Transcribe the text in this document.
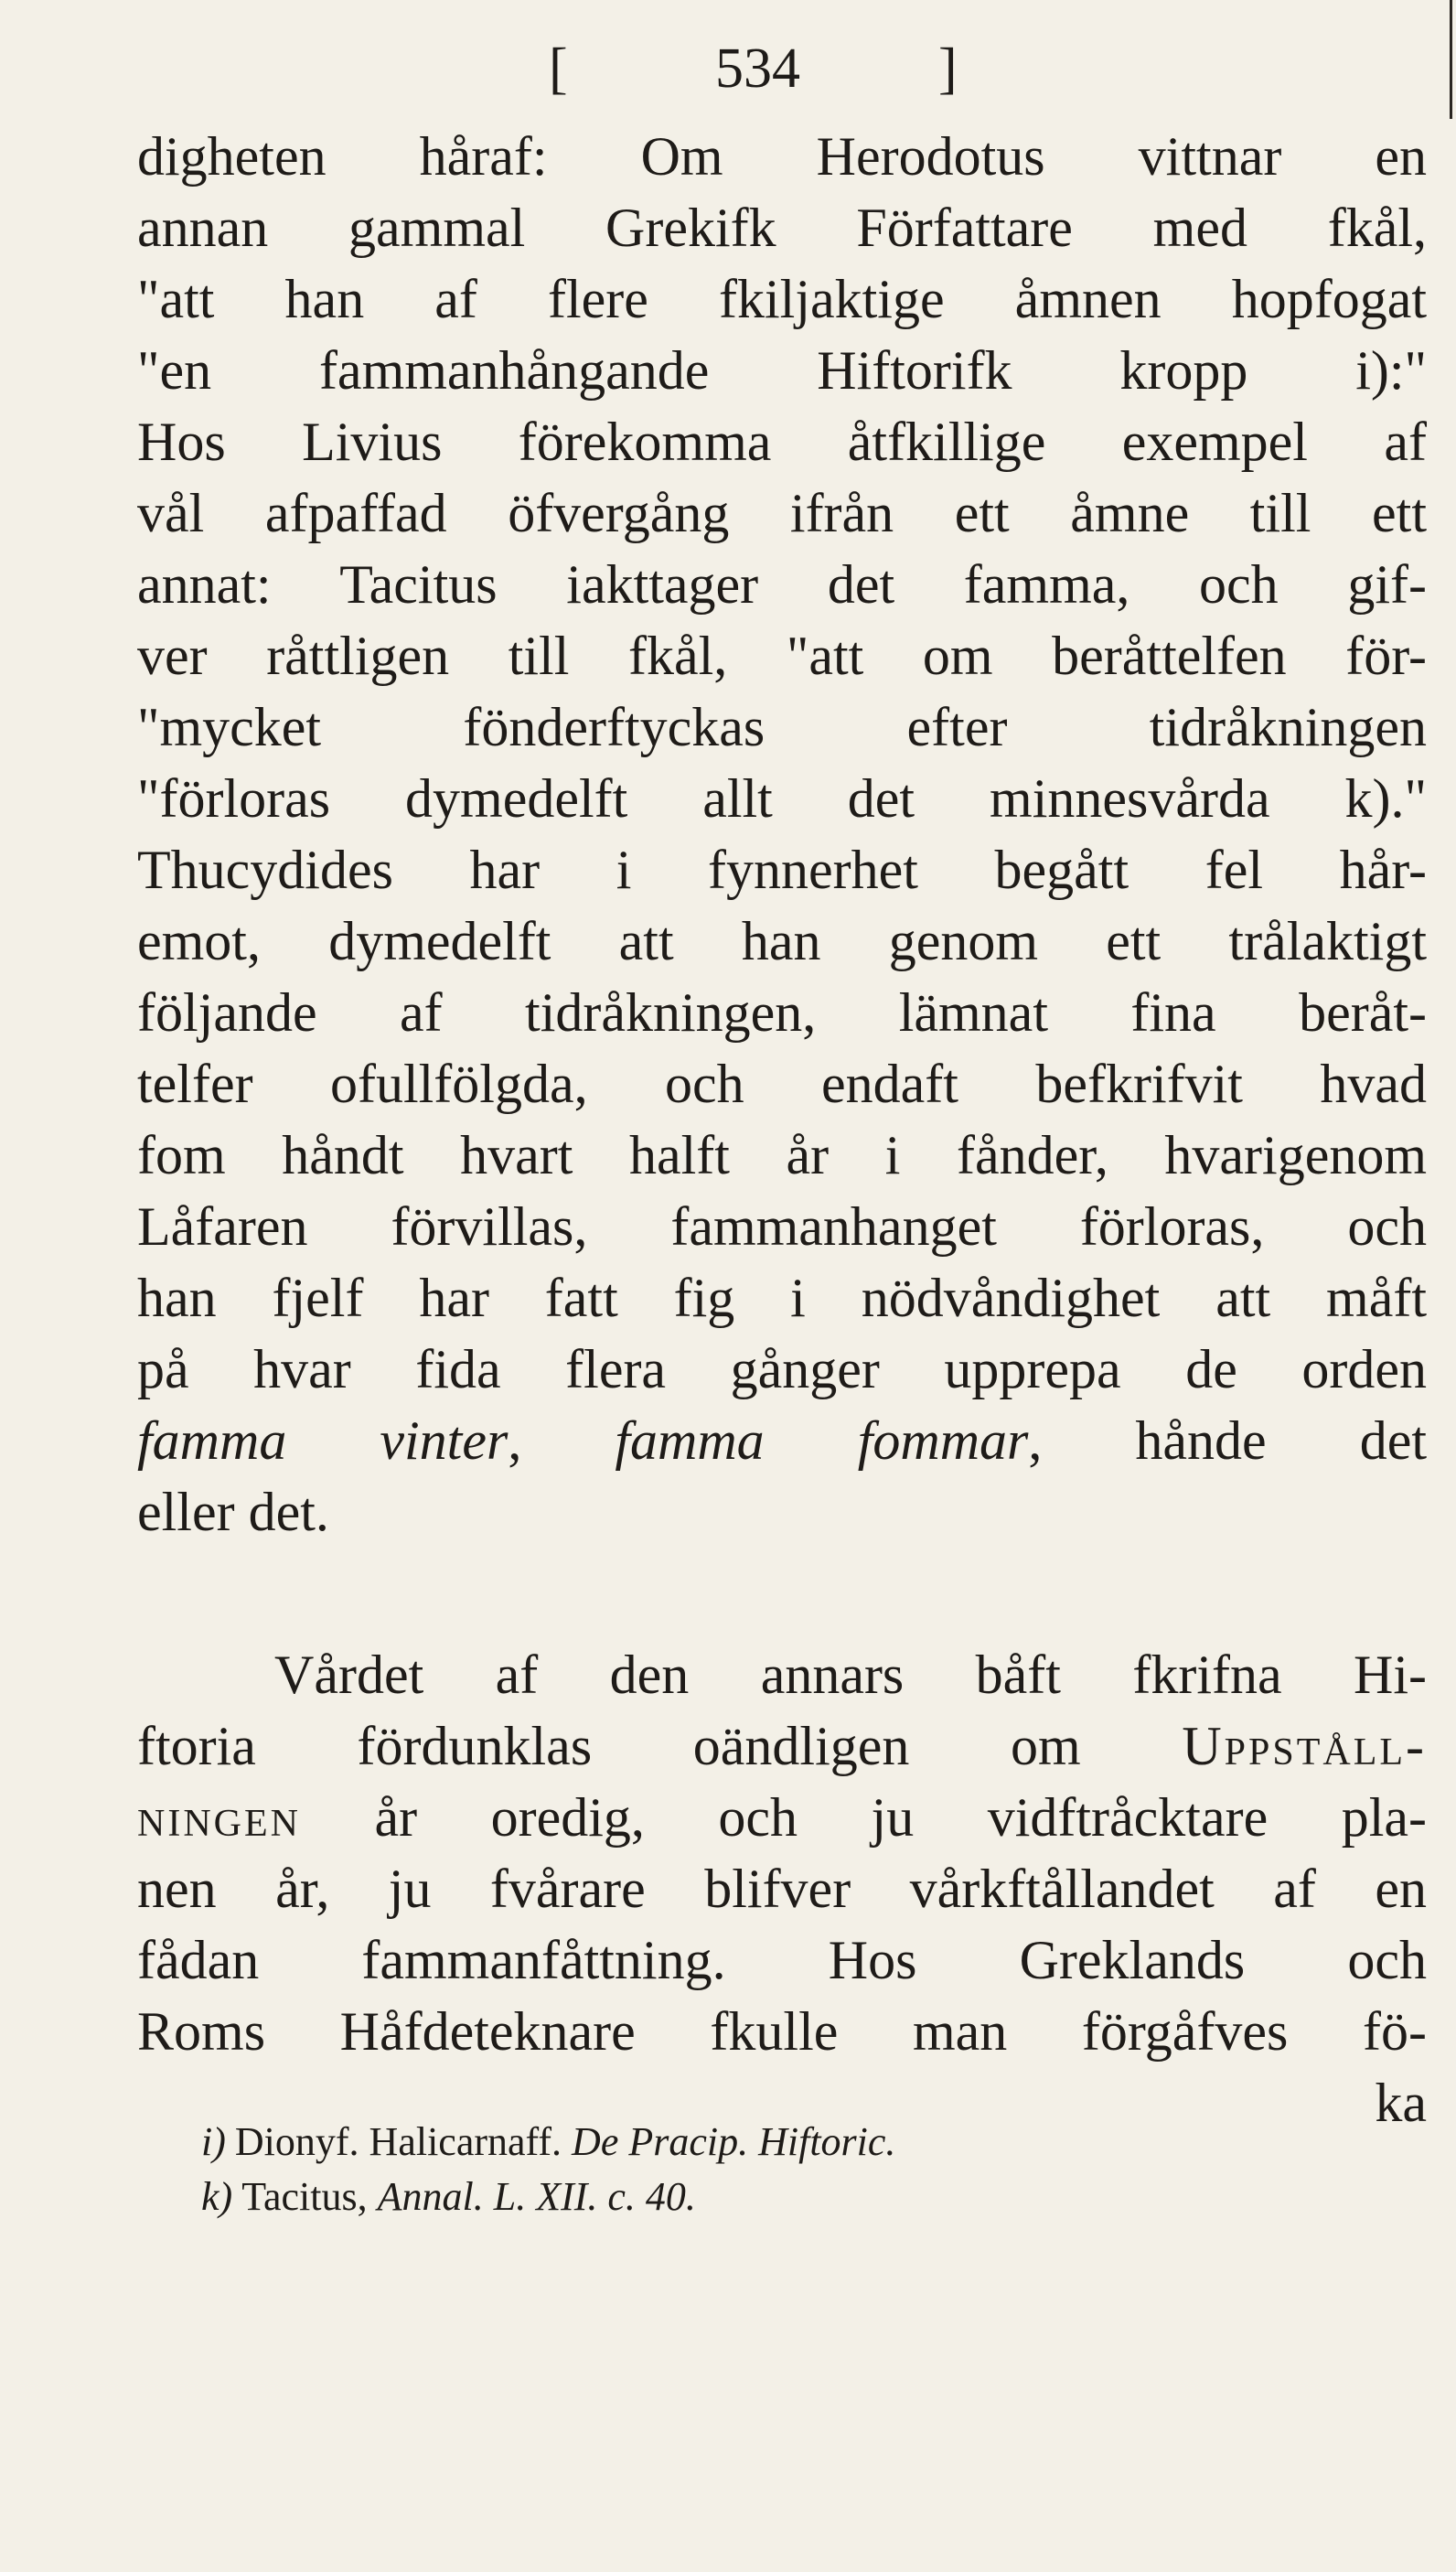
[	534 ]
digheten håraf: Om Herodotus vittnar en
annan gammal Grekifk Författare med fkål,
"att han af flere fkiljaktige åmnen hopfogat
"en fammanhångande Hiftorifk kropp i):"
Hos Livius förekomma åtfkillige exempel af
vål afpaffad öfvergång ifrån ett åmne till ett
annat: Tacitus iakttager det famma, och gif-
ver råttligen till fkål, "att om beråttelfen för-
"mycket fönderftyckas efter tidråkningen
"förloras dymedelft allt det minnesvårda k)."
Thucydides har i fynnerhet begått fel hår-
emot, dymedelft att han genom ett trålaktigt
följande af tidråkningen, lämnat fina beråt-
telfer ofullfölgda, och endaft befkrifvit hvad
fom håndt hvart halft år i fånder, hvarigenom
Låfaren förvillas, fammanhanget förloras, och
han fjelf har fatt fig i nödvåndighet att måft
på hvar fida flera gånger upprepa de orden
famma vinter, famma fommar, hånde det
eller det.
Vårdet af den annars båft fkrifna Hi-
ftoria fördunklas oändligen om Uppståll-
ningen år oredig, och ju vidftråcktare pla-
nen år, ju fvårare blifver vårkftållandet af en
fådan fammanfåttning. Hos Greklands och
Roms Håfdeteknare fkulle man förgåfves fö-
ka
i) Dionyf. Halicarnaff. De Pracip. Hiftoric.
k) Tacitus, Annal. L. XII. c. 40.
